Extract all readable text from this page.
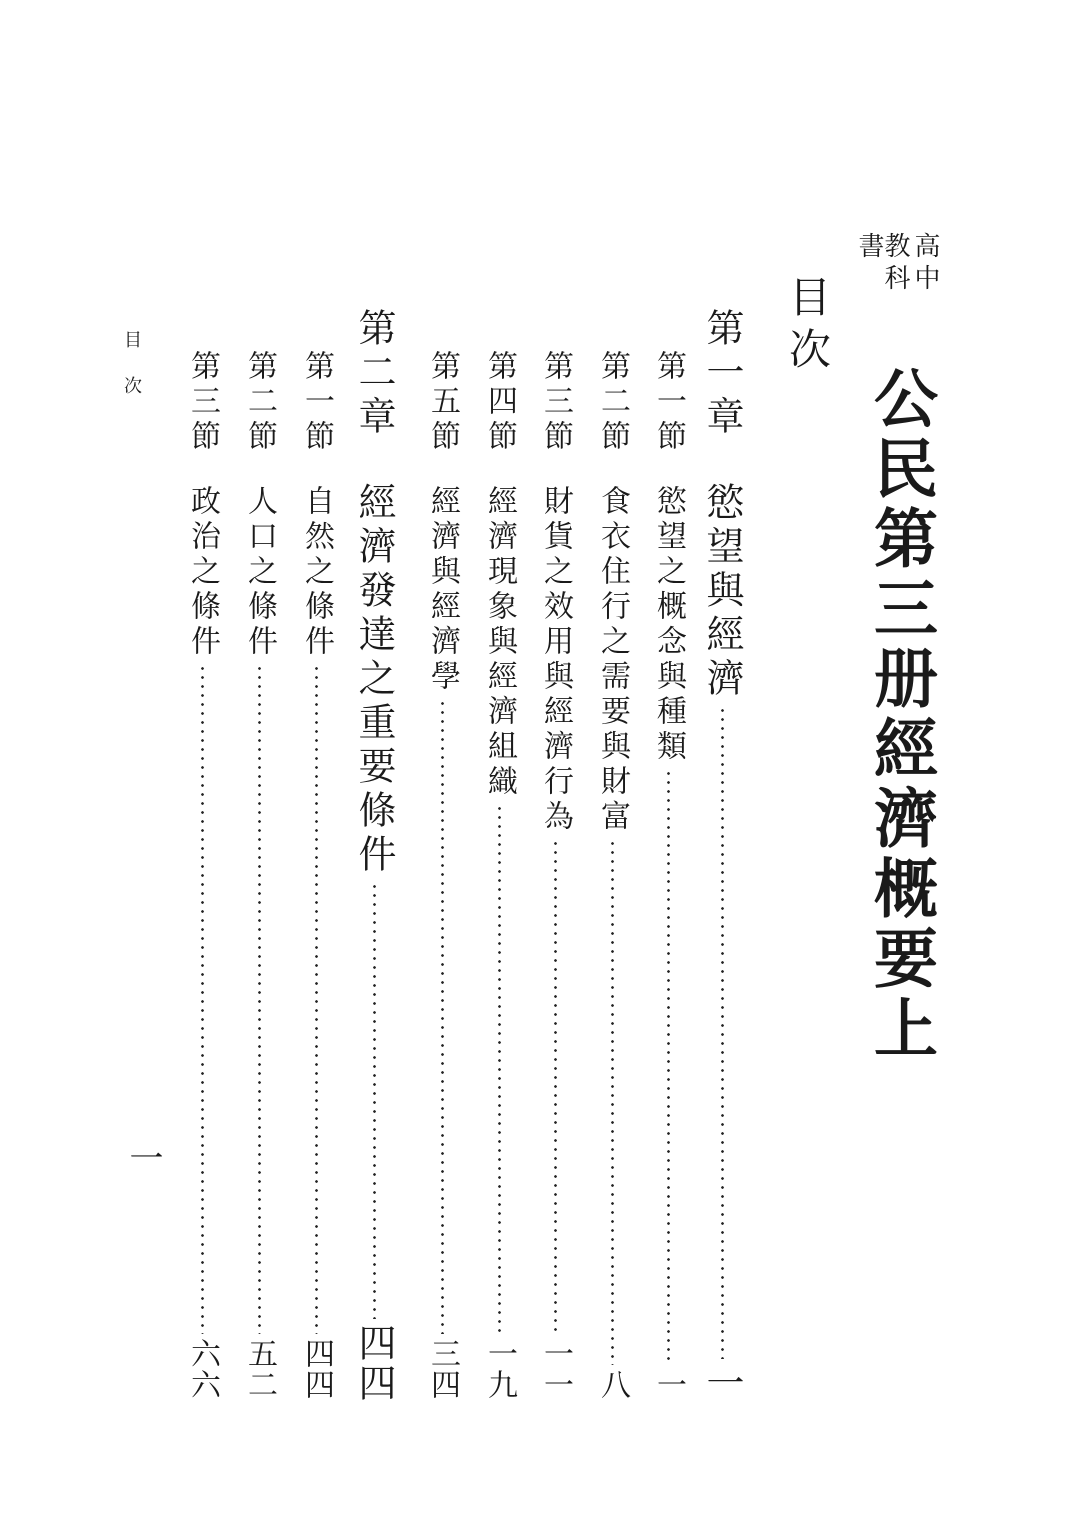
高中
教科書
公民第三册
經濟概要上
目次
第一章
慾望與經濟
一
第一節
慾望之概念與種類
一
第二節
食衣住行之需要與財富
八
第三節
財貨之效用與經濟行為
一一
第四節
經濟現象與經濟組織
一九
第五節
經濟與經濟學
三四
第二章
經濟發達之重要條件
四四
第一節
自然之條件
四四
第二節
人口之條件
五二
第三節
政治之條件
六六
目次
一
